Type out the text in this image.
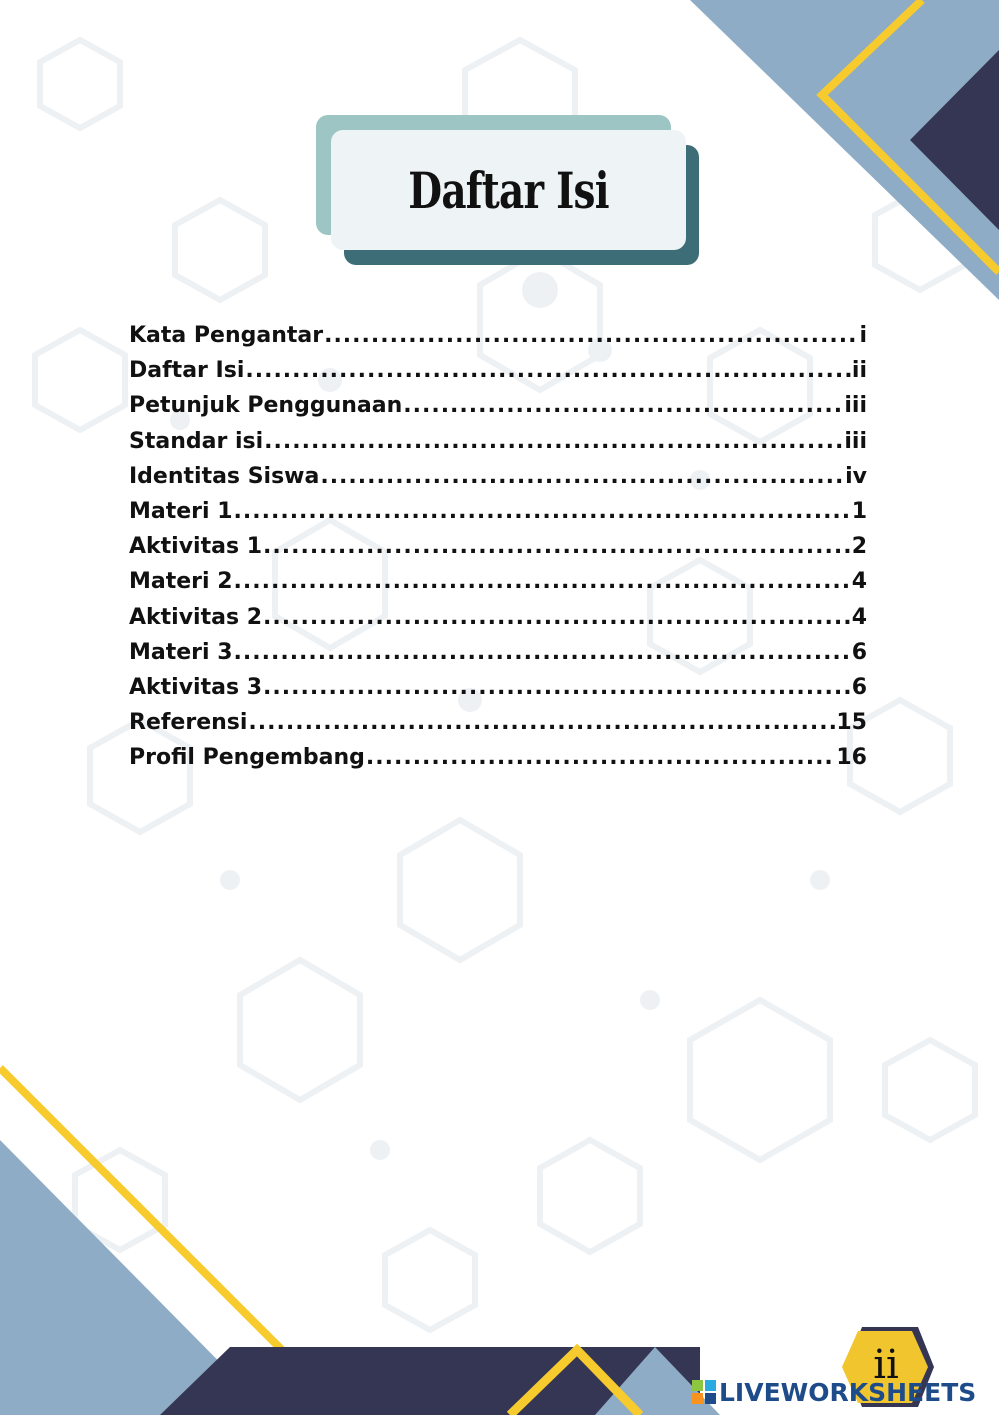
Daftar Isi
Kata Pengantar .....	i
Daftar Isi .....	ii
Petunjuk Penggunaan .....	iii
Standar isi .....	iii
Identitas Siswa .....	iv
Materi 1 .....	1
Aktivitas 1 .....	2
Materi 2 .....	4
Aktivitas 2 .....	4
Materi 3 .....	6
Aktivitas 3 .....	6
Referensi .....	15
Profil Pengembang .....	16
ii
LIVEWORKSHEETS
